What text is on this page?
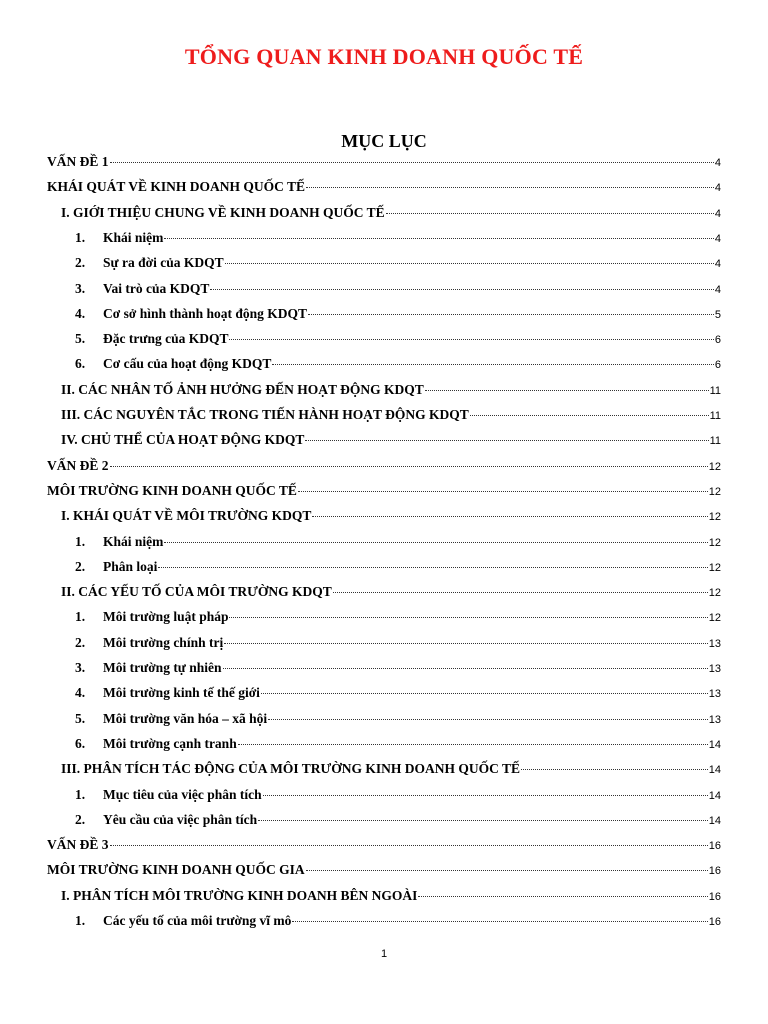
TỔNG QUAN KINH DOANH QUỐC TẾ
MỤC LỤC
VẤN ĐỀ 1	4
KHÁI QUÁT VỀ KINH DOANH QUỐC TẾ	4
I. GIỚI THIỆU CHUNG VỀ KINH DOANH QUỐC TẾ	4
1.	Khái niệm	4
2.	Sự ra đời của KDQT	4
3.	Vai trò của KDQT	4
4.	Cơ sở hình thành hoạt động KDQT	5
5.	Đặc trưng của KDQT	6
6.	Cơ cấu của hoạt động KDQT	6
II. CÁC NHÂN TỐ ẢNH HƯỞNG ĐẾN HOẠT ĐỘNG KDQT	11
III. CÁC NGUYÊN TẮC TRONG TIẾN HÀNH HOẠT ĐỘNG KDQT	11
IV. CHỦ THỂ CỦA HOẠT ĐỘNG KDQT	11
VẤN ĐỀ 2	12
MÔI TRƯỜNG KINH DOANH QUỐC TẾ	12
I. KHÁI QUÁT VỀ MÔI TRƯỜNG KDQT	12
1.	Khái niệm	12
2.	Phân loại	12
II. CÁC YẾU TỐ CỦA MÔI TRƯỜNG KDQT	12
1.	Môi trường luật pháp	12
2.	Môi trường chính trị	13
3.	Môi trường tự nhiên	13
4.	Môi trường kinh tế thế giới	13
5.	Môi trường văn hóa – xã hội	13
6.	Môi trường cạnh tranh	14
III. PHÂN TÍCH TÁC ĐỘNG CỦA MÔI TRƯỜNG KINH DOANH QUỐC TẾ	14
1.	Mục tiêu của việc phân tích	14
2.	Yêu cầu của việc phân tích	14
VẤN ĐỀ 3	16
MÔI TRƯỜNG KINH DOANH QUỐC GIA	16
I. PHÂN TÍCH MÔI TRƯỜNG KINH DOANH BÊN NGOÀI	16
1.	Các yếu tố của môi trường vĩ mô	16
1
